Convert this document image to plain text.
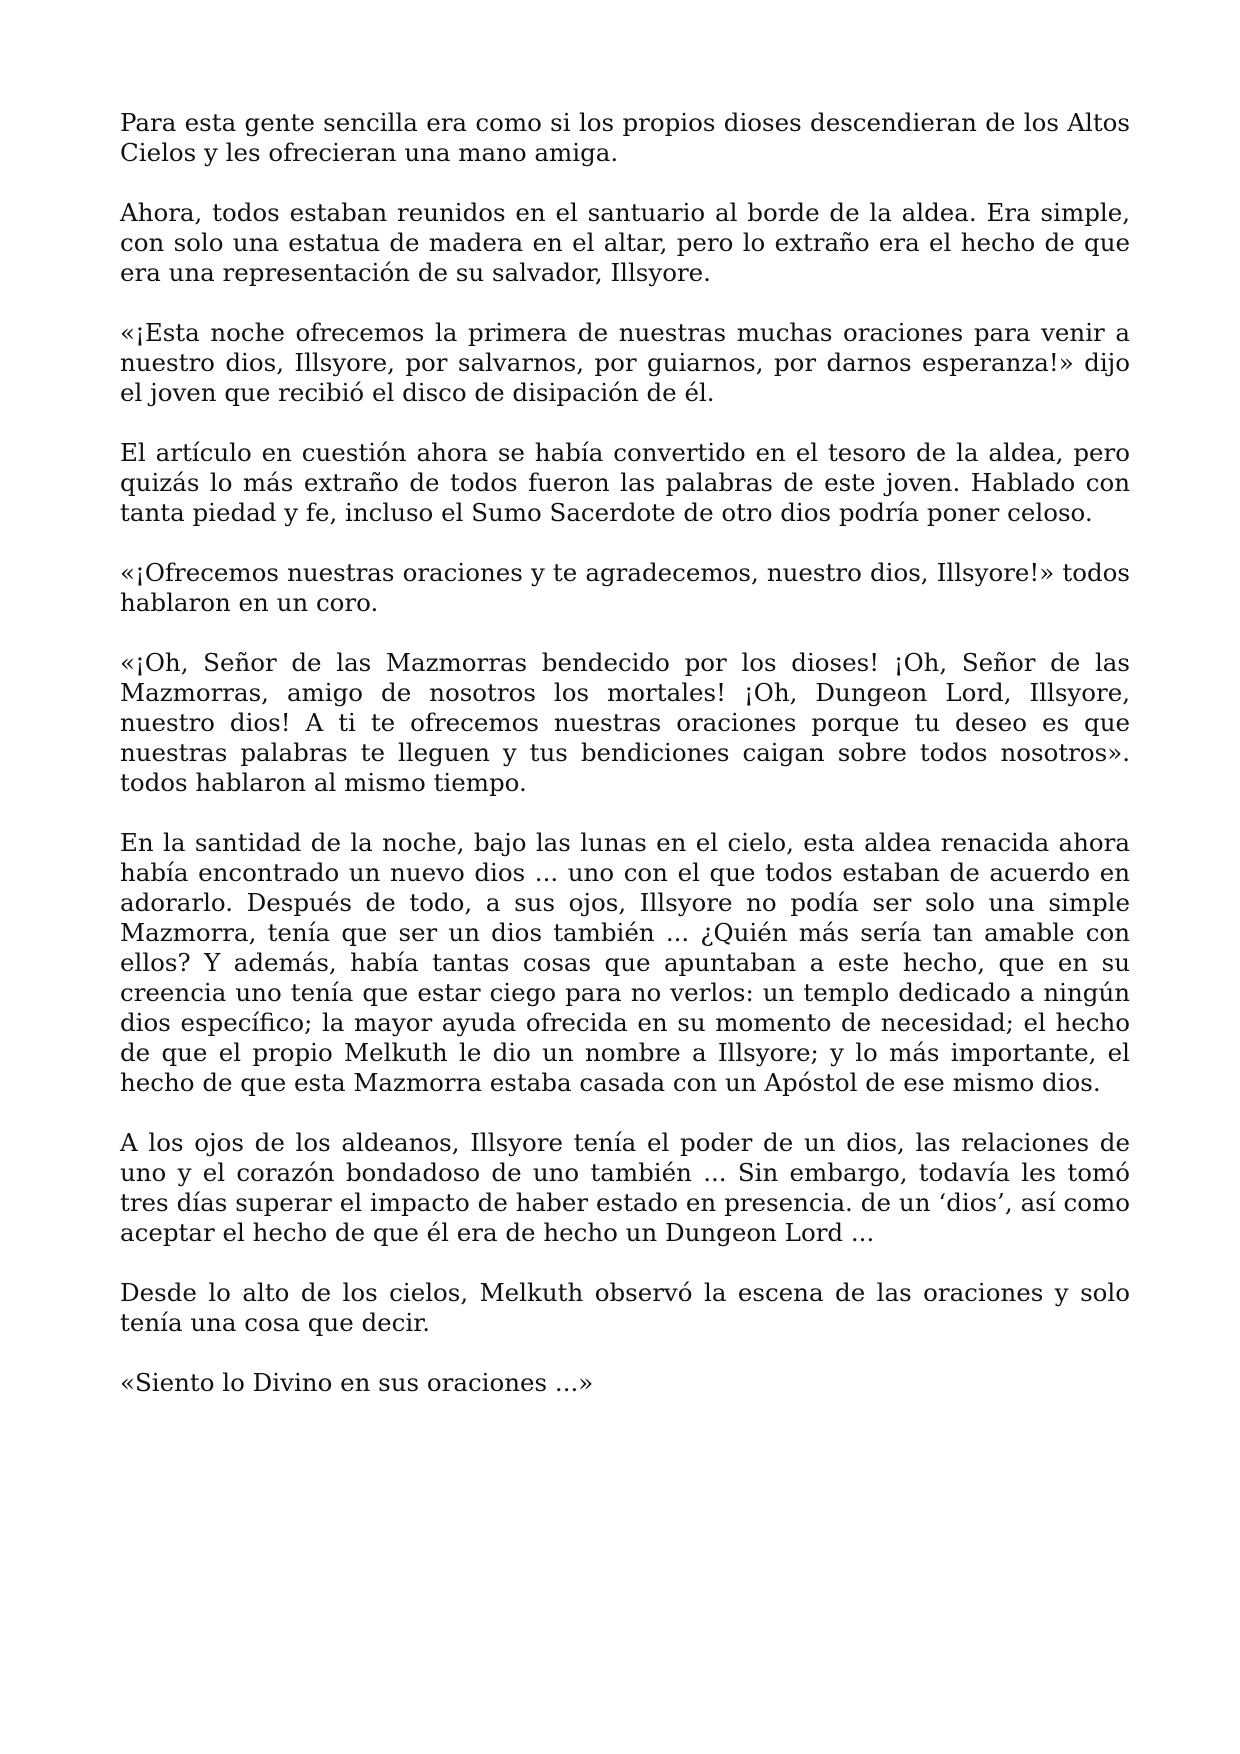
Para esta gente sencilla era como si los propios dioses descendieran de los Altos Cielos y les ofrecieran una mano amiga.

Ahora, todos estaban reunidos en el santuario al borde de la aldea. Era simple, con solo una estatua de madera en el altar, pero lo extraño era el hecho de que era una representación de su salvador, Illsyore.

«¡Esta noche ofrecemos la primera de nuestras muchas oraciones para venir a nuestro dios, Illsyore, por salvarnos, por guiarnos, por darnos esperanza!» dijo el joven que recibió el disco de disipación de él.

El artículo en cuestión ahora se había convertido en el tesoro de la aldea, pero quizás lo más extraño de todos fueron las palabras de este joven. Hablado con tanta piedad y fe, incluso el Sumo Sacerdote de otro dios podría poner celoso.

«¡Ofrecemos nuestras oraciones y te agradecemos, nuestro dios, Illsyore!» todos hablaron en un coro.

«¡Oh, Señor de las Mazmorras bendecido por los dioses! ¡Oh, Señor de las Mazmorras, amigo de nosotros los mortales! ¡Oh, Dungeon Lord, Illsyore, nuestro dios! A ti te ofrecemos nuestras oraciones porque tu deseo es que nuestras palabras te lleguen y tus bendiciones caigan sobre todos nosotros». todos hablaron al mismo tiempo.

En la santidad de la noche, bajo las lunas en el cielo, esta aldea renacida ahora había encontrado un nuevo dios ... uno con el que todos estaban de acuerdo en adorarlo. Después de todo, a sus ojos, Illsyore no podía ser solo una simple Mazmorra, tenía que ser un dios también ... ¿Quién más sería tan amable con ellos? Y además, había tantas cosas que apuntaban a este hecho, que en su creencia uno tenía que estar ciego para no verlos: un templo dedicado a ningún dios específico; la mayor ayuda ofrecida en su momento de necesidad; el hecho de que el propio Melkuth le dio un nombre a Illsyore; y lo más importante, el hecho de que esta Mazmorra estaba casada con un Apóstol de ese mismo dios.

A los ojos de los aldeanos, Illsyore tenía el poder de un dios, las relaciones de uno y el corazón bondadoso de uno también ... Sin embargo, todavía les tomó tres días superar el impacto de haber estado en presencia. de un ‘dios’, así como aceptar el hecho de que él era de hecho un Dungeon Lord ...

Desde lo alto de los cielos, Melkuth observó la escena de las oraciones y solo tenía una cosa que decir.

«Siento lo Divino en sus oraciones ...»
